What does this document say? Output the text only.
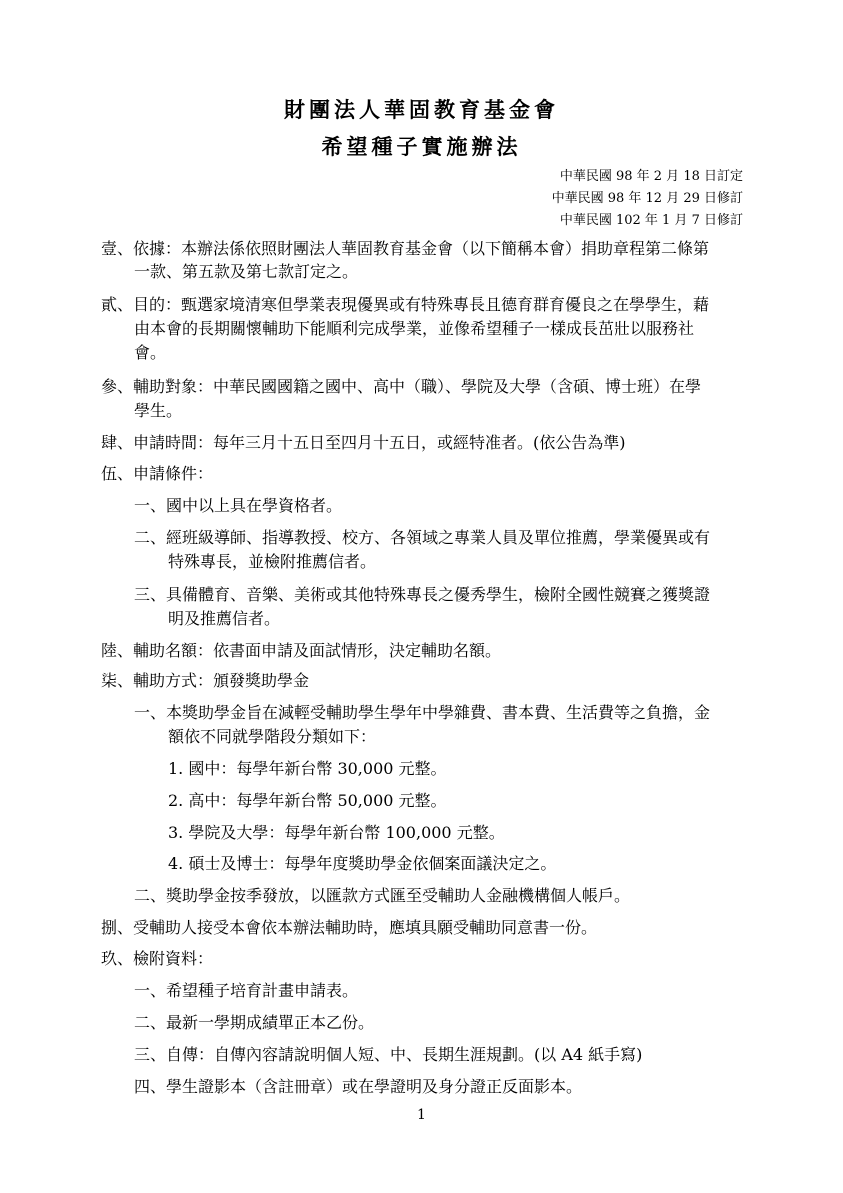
財團法人華固教育基金會
希望種子實施辦法
中華民國 98 年 2 月 18 日訂定
中華民國 98 年 12 月 29 日修訂
中華民國 102 年 1 月 7 日修訂
壹、依據：本辦法係依照財團法人華固教育基金會（以下簡稱本會）捐助章程第二條第
一款、第五款及第七款訂定之。
貳、目的：甄選家境清寒但學業表現優異或有特殊專長且德育群育優良之在學學生，藉
由本會的長期關懷輔助下能順利完成學業，並像希望種子一樣成長茁壯以服務社
會。
參、輔助對象：中華民國國籍之國中、高中（職）、學院及大學（含碩、博士班）在學
學生。
肆、申請時間：每年三月十五日至四月十五日，或經特准者。(依公告為準)
伍、申請條件：
一、國中以上具在學資格者。
二、經班級導師、指導教授、校方、各領域之專業人員及單位推薦，學業優異或有
特殊專長，並檢附推薦信者。
三、具備體育、音樂、美術或其他特殊專長之優秀學生，檢附全國性競賽之獲獎證
明及推薦信者。
陸、輔助名額：依書面申請及面試情形，決定輔助名額。
柒、輔助方式：頒發獎助學金
一、本獎助學金旨在減輕受輔助學生學年中學雜費、書本費、生活費等之負擔，金
額依不同就學階段分類如下：
1. 國中：每學年新台幣 30,000 元整。
2. 高中：每學年新台幣 50,000 元整。
3. 學院及大學：每學年新台幣 100,000 元整。
4. 碩士及博士：每學年度獎助學金依個案面議決定之。
二、獎助學金按季發放，以匯款方式匯至受輔助人金融機構個人帳戶。
捌、受輔助人接受本會依本辦法輔助時，應填具願受輔助同意書一份。
玖、檢附資料：
一、希望種子培育計畫申請表。
二、最新一學期成績單正本乙份。
三、自傳：自傳內容請說明個人短、中、長期生涯規劃。(以 A4 紙手寫)
四、學生證影本（含註冊章）或在學證明及身分證正反面影本。
1
